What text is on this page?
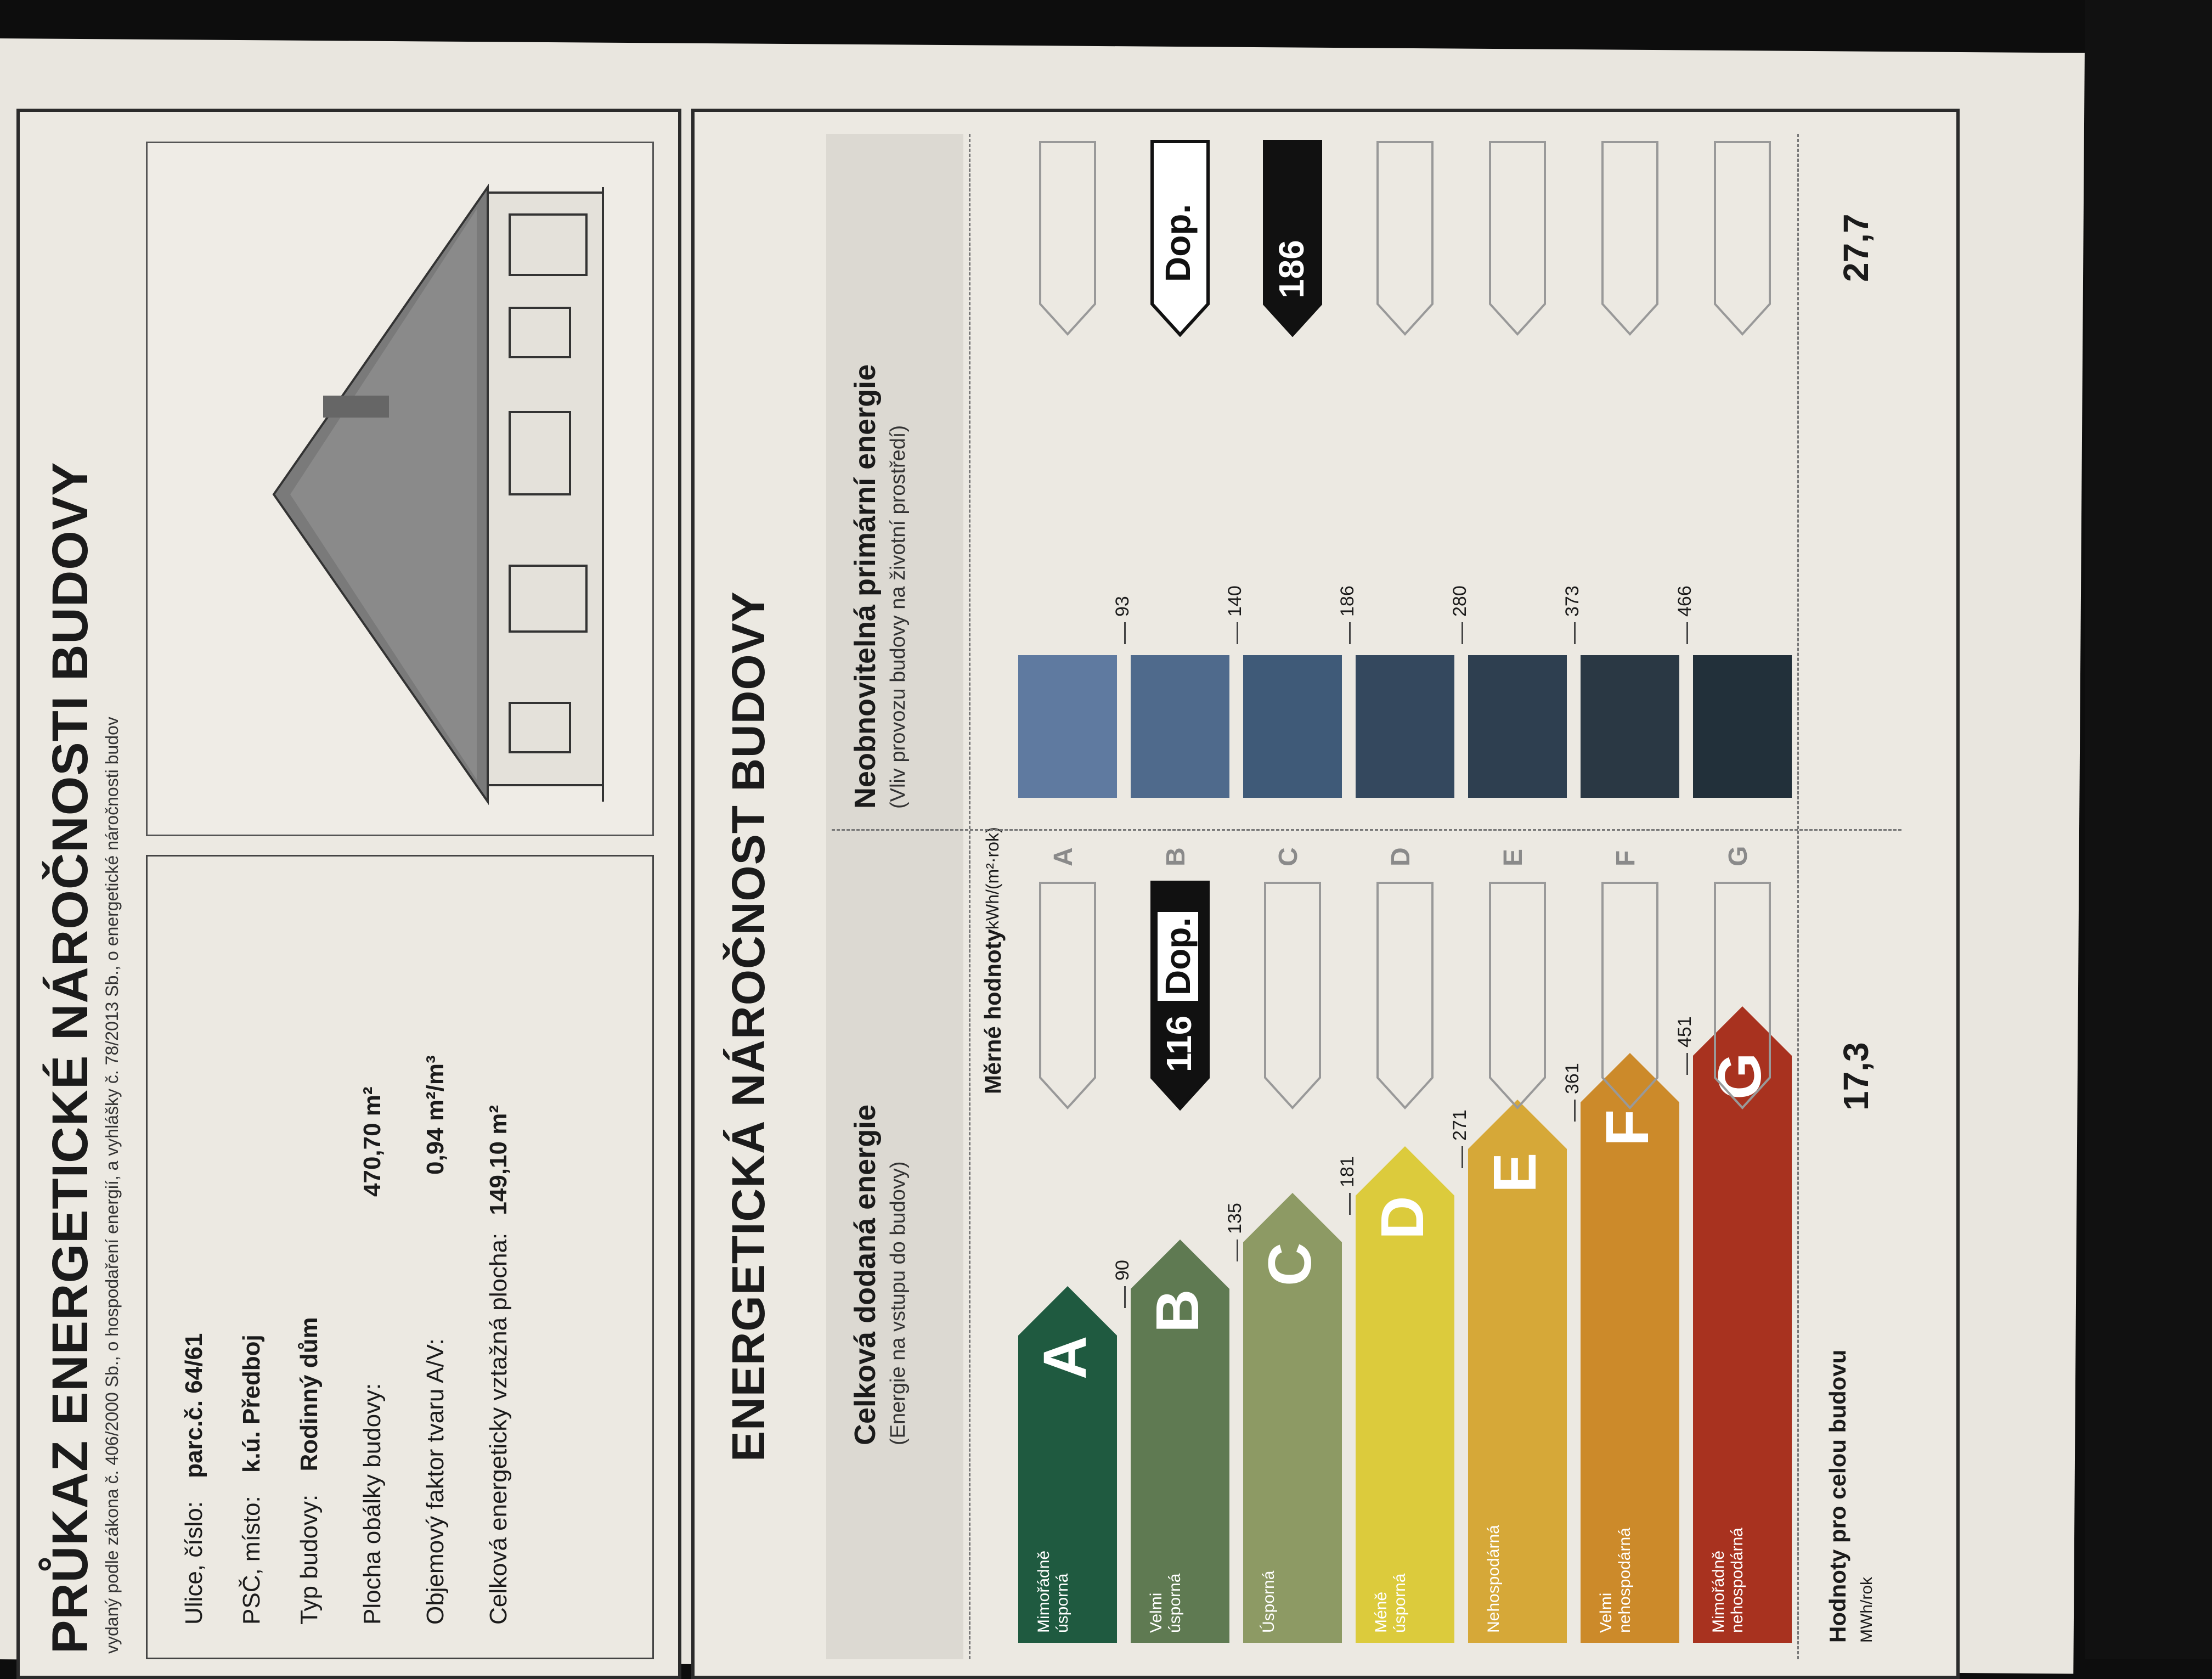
PRŮKAZ ENERGETICKÉ NÁROČNOSTI BUDOVY vydaný podle zákona č. 406/2000 Sb., o hospodaření energií, a vyhlášky č. 78/2013 Sb., o energetické náročnosti budov Ulice, číslo: parc.č. 64/61
PSČ, místo: k.ú. Předboj
Typ budovy: Rodinný dům Plocha obálky budovy:
470,70 m²
Objemový faktor tvaru A/V:
0,94 m²/m³
Celková energeticky vztažná plocha: 149,10 m²	ENERGETICKÁ NÁROČNOST BUDOVY	Celková dodaná energie (Energie na vstupu do budovy)
Neobnovitelná primární energie (Vliv provozu budovy na životní prostředí)
Měrné hodnoty
kWh/(m²·rok)
Mimořádně úsporná
A
90
A
93
Velmi úsporná
B
135
B
140
Úsporná
C
181
C
186
Méně úsporná
D
271
D
280
Nehospodárná
E
361
E
373
Velmi nehospodárná
F
451
F
466
Mimořádně nehospodárná
G
G
116
Dop.
Dop. 186
Hodnoty pro celou budovu MWh/rok
17,3
27,7
